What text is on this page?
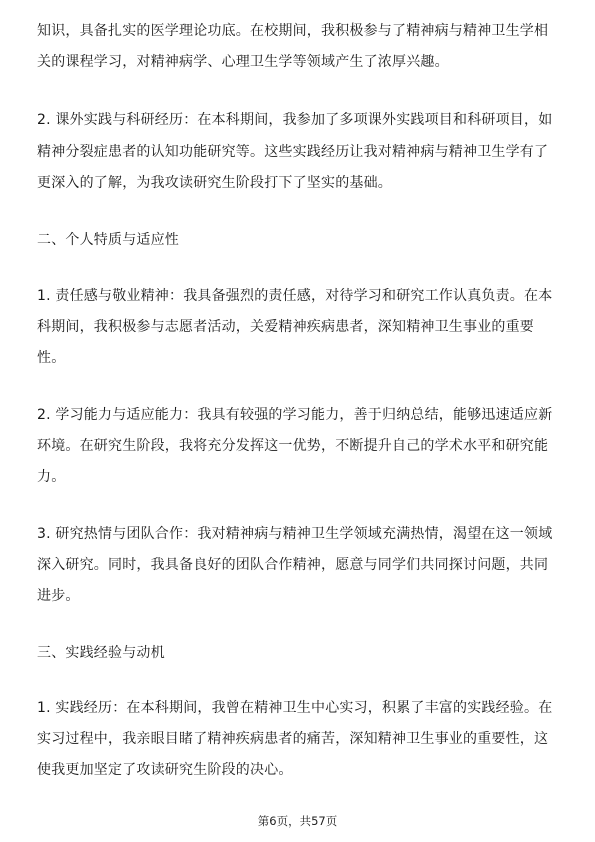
知识，具备扎实的医学理论功底。在校期间，我积极参与了精神病与精神卫生学相
关的课程学习，对精神病学、心理卫生学等领域产生了浓厚兴趣。
2. 课外实践与科研经历：在本科期间，我参加了多项课外实践项目和科研项目，如
精神分裂症患者的认知功能研究等。这些实践经历让我对精神病与精神卫生学有了
更深入的了解，为我攻读研究生阶段打下了坚实的基础。
二、个人特质与适应性
1. 责任感与敬业精神：我具备强烈的责任感，对待学习和研究工作认真负责。在本
科期间，我积极参与志愿者活动，关爱精神疾病患者，深知精神卫生事业的重要
性。
2. 学习能力与适应能力：我具有较强的学习能力，善于归纳总结，能够迅速适应新
环境。在研究生阶段，我将充分发挥这一优势，不断提升自己的学术水平和研究能
力。
3. 研究热情与团队合作：我对精神病与精神卫生学领域充满热情，渴望在这一领域
深入研究。同时，我具备良好的团队合作精神，愿意与同学们共同探讨问题，共同
进步。
三、实践经验与动机
1. 实践经历：在本科期间，我曾在精神卫生中心实习，积累了丰富的实践经验。在
实习过程中，我亲眼目睹了精神疾病患者的痛苦，深知精神卫生事业的重要性，这
使我更加坚定了攻读研究生阶段的决心。
第6页，共57页
